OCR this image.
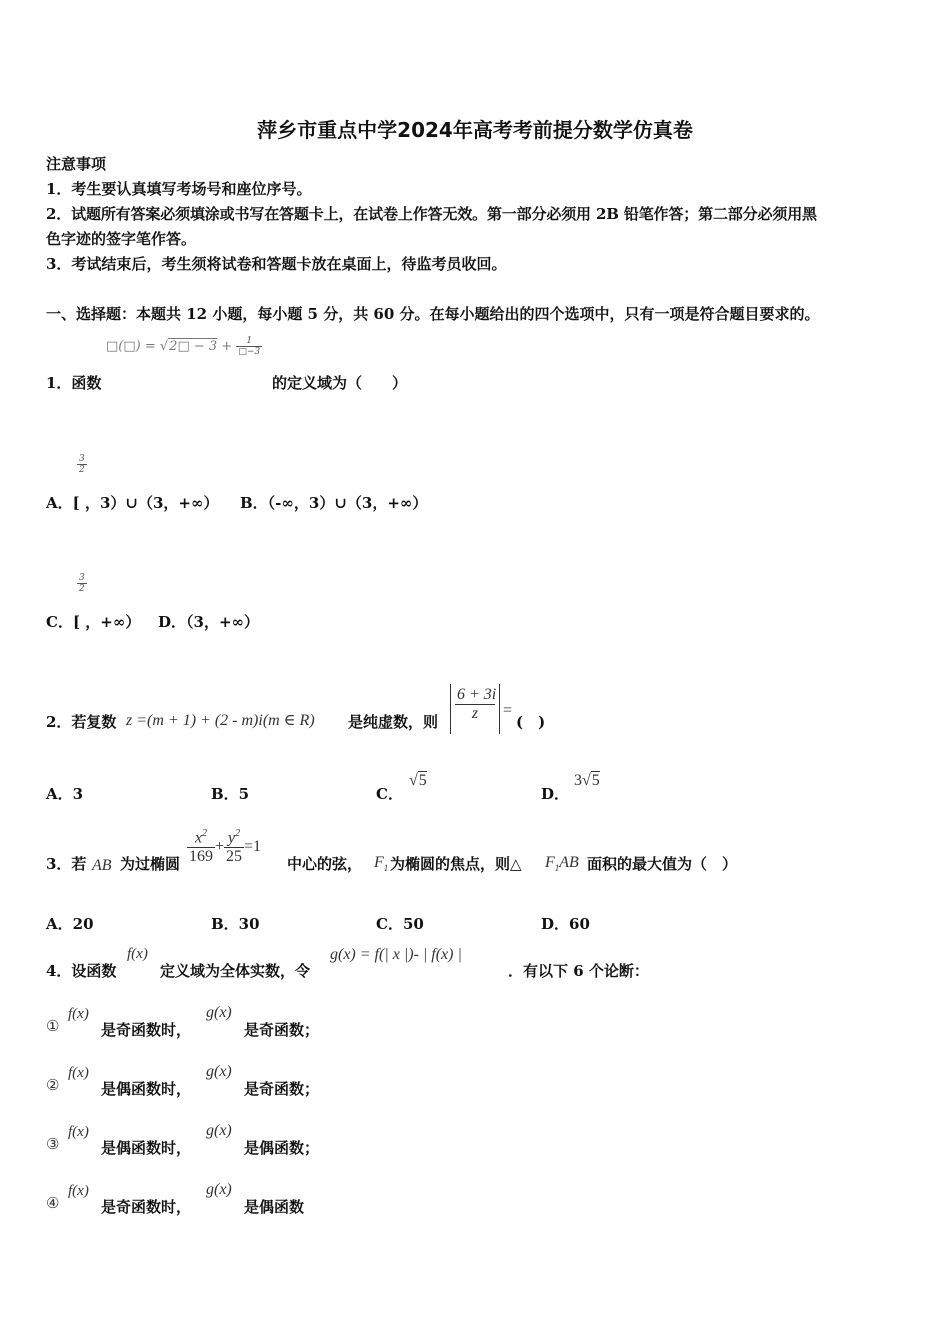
萍乡市重点中学2024年高考考前提分数学仿真卷
注意事项
1．考生要认真填写考场号和座位序号。
2．试题所有答案必须填涂或书写在答题卡上，在试卷上作答无效。第一部分必须用 2B 铅笔作答；第二部分必须用黑
色字迹的签字笔作答。
3．考试结束后，考生须将试卷和答题卡放在桌面上，待监考员收回。
一、选择题：本题共 12 小题，每小题 5 分，共 60 分。在每小题给出的四个选项中，只有一项是符合题目要求的。
□(□) = √2□ − $3 + \frac{1}{□-3}$
1．函数	的定义域为（　　）
$\frac{3}{2}$
A．[ ，3）∪（3，+∞） B．（-∞，3）∪（3，+∞）
$\frac{3}{2}$
C．[ ，+∞） D．（3，+∞）
2．若复数 z =(m + 1) + (2 - m)i(m ∈ R) 是纯虚数，则 $\frac{6 + 3i}{z}$ =
(　)
A．3	B．5	C．
√5
D．
3√5
3．若 AB 为过椭圆 $\frac{x^2}{169} + \frac{y^2}{25} =1$
中心的弦， $F_1$ 为椭圆的焦点，则△ $F_1AB$ 面积的最大值为（　）
A．20	B．30	C．50	D．60
4．设函数
f(x)
定义域为全体实数，令
g(x) = f(| x |)- | f(x) |
．有以下 6 个论断：
①
f(x)
是奇函数时，
g(x)
是奇函数；
②
f(x)
是偶函数时，
g(x)
是奇函数；
③
f(x)
是偶函数时，
g(x)
是偶函数；
④
f(x)
是奇函数时，
g(x)
是偶函数
